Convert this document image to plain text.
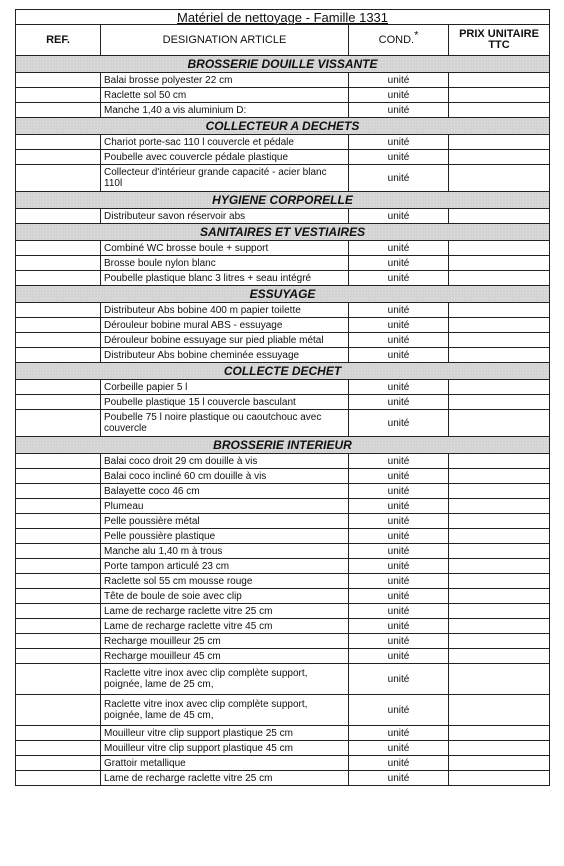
Matériel de nettoyage - Famille 1331			
REF.	DESIGNATION ARTICLE	COND.*	PRIX UNITAIRE
TTC
BROSSERIE DOUILLE VISSANTE			
	Balai brosse polyester 22 cm	unité	
	Raclette sol 50 cm	unité	
	Manche 1,40 a vis aluminium D:	unité	
COLLECTEUR A DECHETS			
	Chariot porte-sac 110 l couvercle et pédale	unité	
	Poubelle avec couvercle pédale plastique	unité	
	Collecteur d'intérieur grande capacité - acier blanc 110l	unité	
HYGIENE CORPORELLE			
	Distributeur savon réservoir abs	unité	
SANITAIRES ET VESTIAIRES			
	Combiné WC brosse boule + support	unité	
	Brosse boule nylon blanc	unité	
	Poubelle plastique blanc 3 litres + seau intégré	unité	
ESSUYAGE			
	Distributeur Abs bobine 400 m papier toilette	unité	
	Dérouleur bobine mural ABS - essuyage	unité	
	Dérouleur bobine essuyage sur pied pliable métal	unité	
	Distributeur Abs bobine cheminée essuyage	unité	
COLLECTE DECHET			
	Corbeille papier 5 l	unité	
	Poubelle plastique 15 l couvercle basculant	unité	
	Poubelle 75 l noire plastique ou caoutchouc avec couvercle	unité	
BROSSERIE INTERIEUR			
	Balai coco droit 29 cm douille à vis	unité	
	Balai coco incliné 60 cm douille à vis	unité	
	Balayette coco 46 cm	unité	
	Plumeau	unité	
	Pelle poussière métal	unité	
	Pelle poussière plastique	unité	
	Manche alu 1,40 m à trous	unité	
	Porte tampon articulé 23 cm	unité	
	Raclette sol 55 cm mousse rouge	unité	
	Tête de boule de soie avec clip	unité	
	Lame de recharge raclette vitre 25 cm	unité	
	Lame de recharge raclette vitre 45 cm	unité	
	Recharge mouilleur 25 cm	unité	
	Recharge mouilleur 45 cm	unité	
	Raclette vitre inox avec clip complète support, poignée, lame de 25 cm,	unité	
	Raclette vitre inox avec clip complète support, poignée, lame de 45 cm,	unité	
	Mouilleur vitre clip support plastique 25 cm	unité	
	Mouilleur vitre clip support plastique 45 cm	unité	
	Grattoir metallique	unité	
	Lame de recharge raclette vitre 25 cm	unité	
